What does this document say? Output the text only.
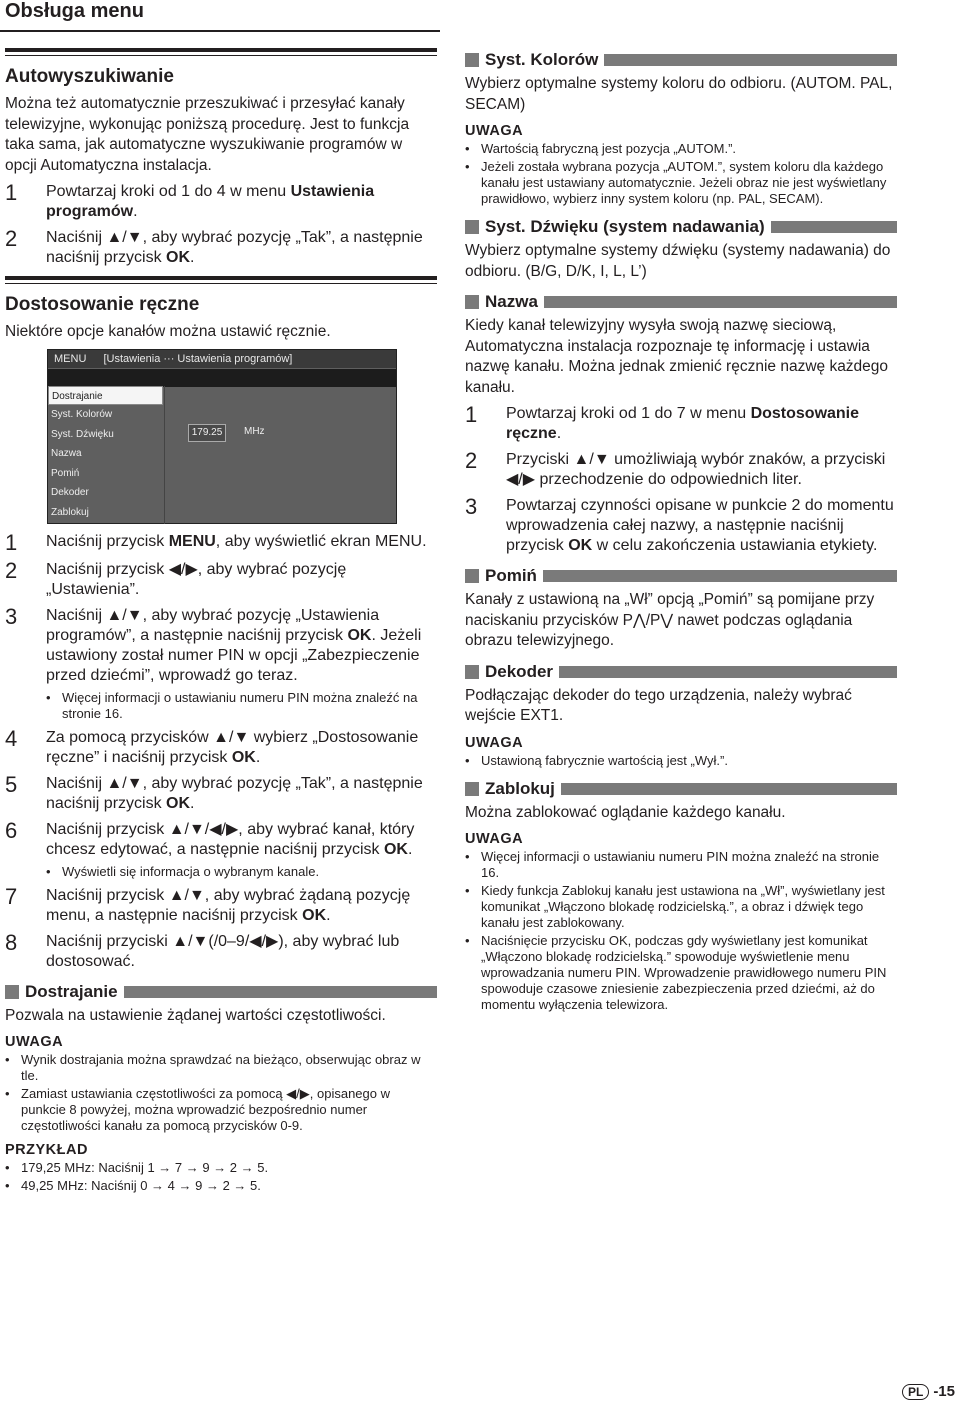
Obsługa menu
Autowyszukiwanie

Można też automatycznie przeszukiwać i przesyłać kanały telewizyjne, wykonując poniższą procedurę. Jest to funkcja taka sama, jak automatyczne wyszukiwanie programów w opcji Automatyczna instalacja.

1	Powtarzaj kroki od 1 do 4 w menu Ustawienia programów.
2	Naciśnij ▲/▼, aby wybrać pozycję „Tak”, a następnie naciśnij przycisk OK.
Dostosowanie ręczne

Niektóre opcje kanałów można ustawić ręcznie.

MENU [Ustawienia ··· Ustawienia programów]
Dostrajanie
Syst. Kolorów
Syst. Dźwięku
Nazwa
Pomiń
Dekoder
Zablokuj
179.25	MHz
1	Naciśnij przycisk MENU, aby wyświetlić ekran MENU.
2	Naciśnij przycisk ◀/▶, aby wybrać pozycję „Ustawienia”.
3	Naciśnij ▲/▼, aby wybrać pozycję „Ustawienia programów”, a następnie naciśnij przycisk OK. Jeżeli ustawiony został numer PIN w opcji „Zabezpieczenie przed dziećmi”, wprowadź go teraz.
• Więcej informacji o ustawianiu numeru PIN można znaleźć na stronie 16.
4	Za pomocą przycisków ▲/▼ wybierz „Dostosowanie ręczne” i naciśnij przycisk OK.
5	Naciśnij ▲/▼, aby wybrać pozycję „Tak”, a następnie naciśnij przycisk OK.
6	Naciśnij przycisk ▲/▼/◀/▶, aby wybrać kanał, który chcesz edytować, a następnie naciśnij przycisk OK.
• Wyświetli się informacja o wybranym kanale.
7	Naciśnij przycisk ▲/▼, aby wybrać żądaną pozycję menu, a następnie naciśnij przycisk OK.
8	Naciśnij przyciski ▲/▼(/0–9/◀/▶), aby wybrać lub dostosować.
Dostrajanie

Pozwala na ustawienie żądanej wartości częstotliwości.

UWAGA
• Wynik dostrajania można sprawdzać na bieżąco, obserwując obraz w tle.
• Zamiast ustawiania częstotliwości za pomocą ◀/▶, opisanego w punkcie 8 powyżej, można wprowadzić bezpośrednio numer częstotliwości kanału za pomocą przycisków 0-9.
PRZYKŁAD
• 179,25 MHz: Naciśnij 1 → 7 → 9 → 2 → 5.
• 49,25 MHz: Naciśnij 0 → 4 → 9 → 2 → 5.
Syst. Kolorów

Wybierz optymalne systemy koloru do odbioru. (AUTOM. PAL, SECAM)

UWAGA
• Wartością fabryczną jest pozycja „AUTOM.”.
• Jeżeli została wybrana pozycja „AUTOM.”, system koloru dla każdego kanału jest ustawiany automatycznie. Jeżeli obraz nie jest wyświetlany prawidłowo, wybierz inny system koloru (np. PAL, SECAM).
Syst. Dźwięku (system nadawania)

Wybierz optymalne systemy dźwięku (systemy nadawania) do odbioru. (B/G, D/K, I, L, L’)

Nazwa

Kiedy kanał telewizyjny wysyła swoją nazwę sieciową, Automatyczna instalacja rozpoznaje tę informację i ustawia nazwę kanału. Można jednak zmienić ręcznie nazwę każdego kanału.

1	Powtarzaj kroki od 1 do 7 w menu Dostosowanie ręczne.
2	Przyciski ▲/▼ umożliwiają wybór znaków, a przyciski ◀/▶ przechodzenie do odpowiednich liter.
3	Powtarzaj czynności opisane w punkcie 2 do momentu wprowadzenia całej nazwy, a następnie naciśnij przycisk OK w celu zakończenia ustawiania etykiety.
Pomiń

Kanały z ustawioną na „Wł” opcją „Pomiń” są pomijane przy naciskaniu przycisków P⋀/P⋁ nawet podczas oglądania obrazu telewizyjnego.

Dekoder

Podłączając dekoder do tego urządzenia, należy wybrać wejście EXT1.

UWAGA
• Ustawioną fabrycznie wartością jest „Wył.”.
Zablokuj

Można zablokować oglądanie każdego kanału.

UWAGA
• Więcej informacji o ustawianiu numeru PIN można znaleźć na stronie 16.
• Kiedy funkcja Zablokuj kanału jest ustawiona na „Wł”, wyświetlany jest komunikat „Włączono blokadę rodzicielską.”, a obraz i dźwięk tego kanału jest zablokowany.
• Naciśnięcie przycisku OK, podczas gdy wyświetlany jest komunikat „Włączono blokadę rodzicielską.” spowoduje wyświetlenie menu wprowadzania numeru PIN. Wprowadzenie prawidłowego numeru PIN spowoduje czasowe zniesienie zabezpieczenia przed dziećmi, aż do momentu wyłączenia telewizora.
PL -15
